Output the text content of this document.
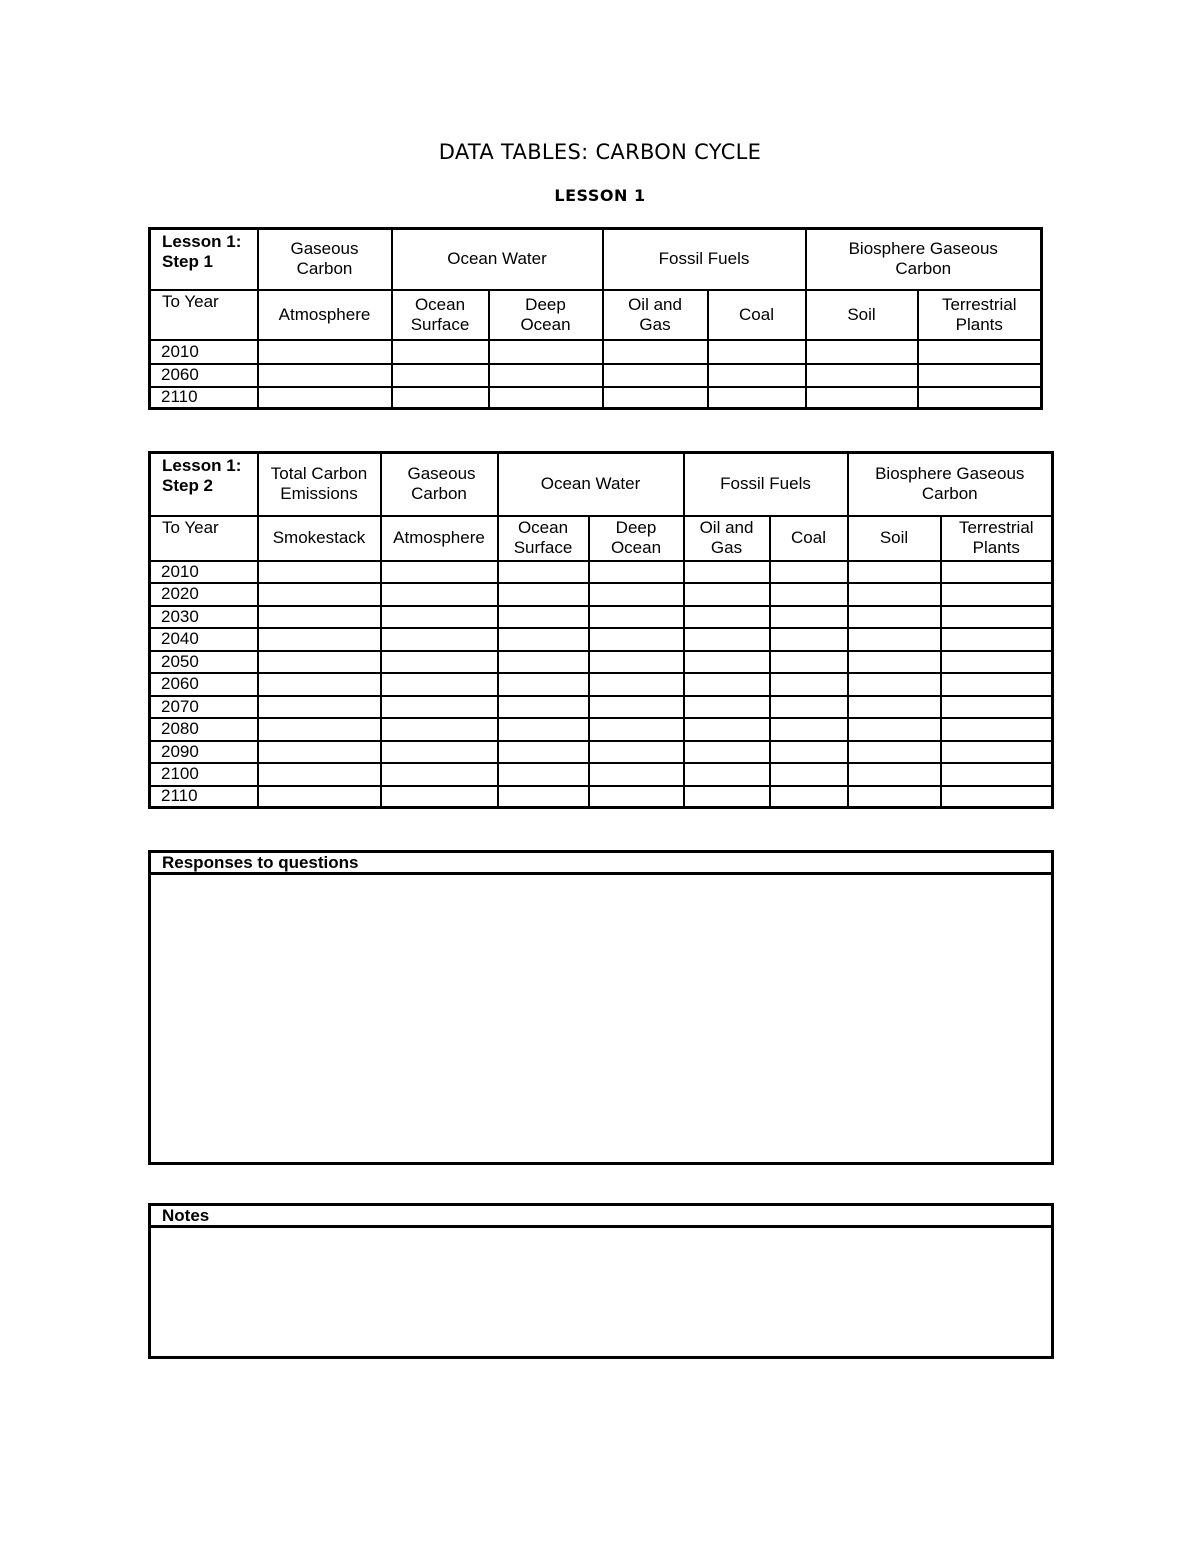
DATA TABLES: CARBON CYCLE
LESSON 1
Lesson 1:
Step 1	Gaseous Carbon	Ocean Water		Fossil Fuels		Biosphere Gaseous Carbon	
To Year	Atmosphere	Ocean Surface	Deep Ocean	Oil and Gas	Coal	Soil	Terrestrial Plants
2010							
2060							
2110							
Lesson 1:
Step 2	Total Carbon Emissions	Gaseous Carbon	Ocean Water		Fossil Fuels		Biosphere Gaseous Carbon	
To Year	Smokestack	Atmosphere	Ocean Surface	Deep Ocean	Oil and Gas	Coal	Soil	Terrestrial Plants
2010								
2020								
2030								
2040								
2050								
2060								
2070								
2080								
2090								
2100								
2110								
Responses to questions
Notes
